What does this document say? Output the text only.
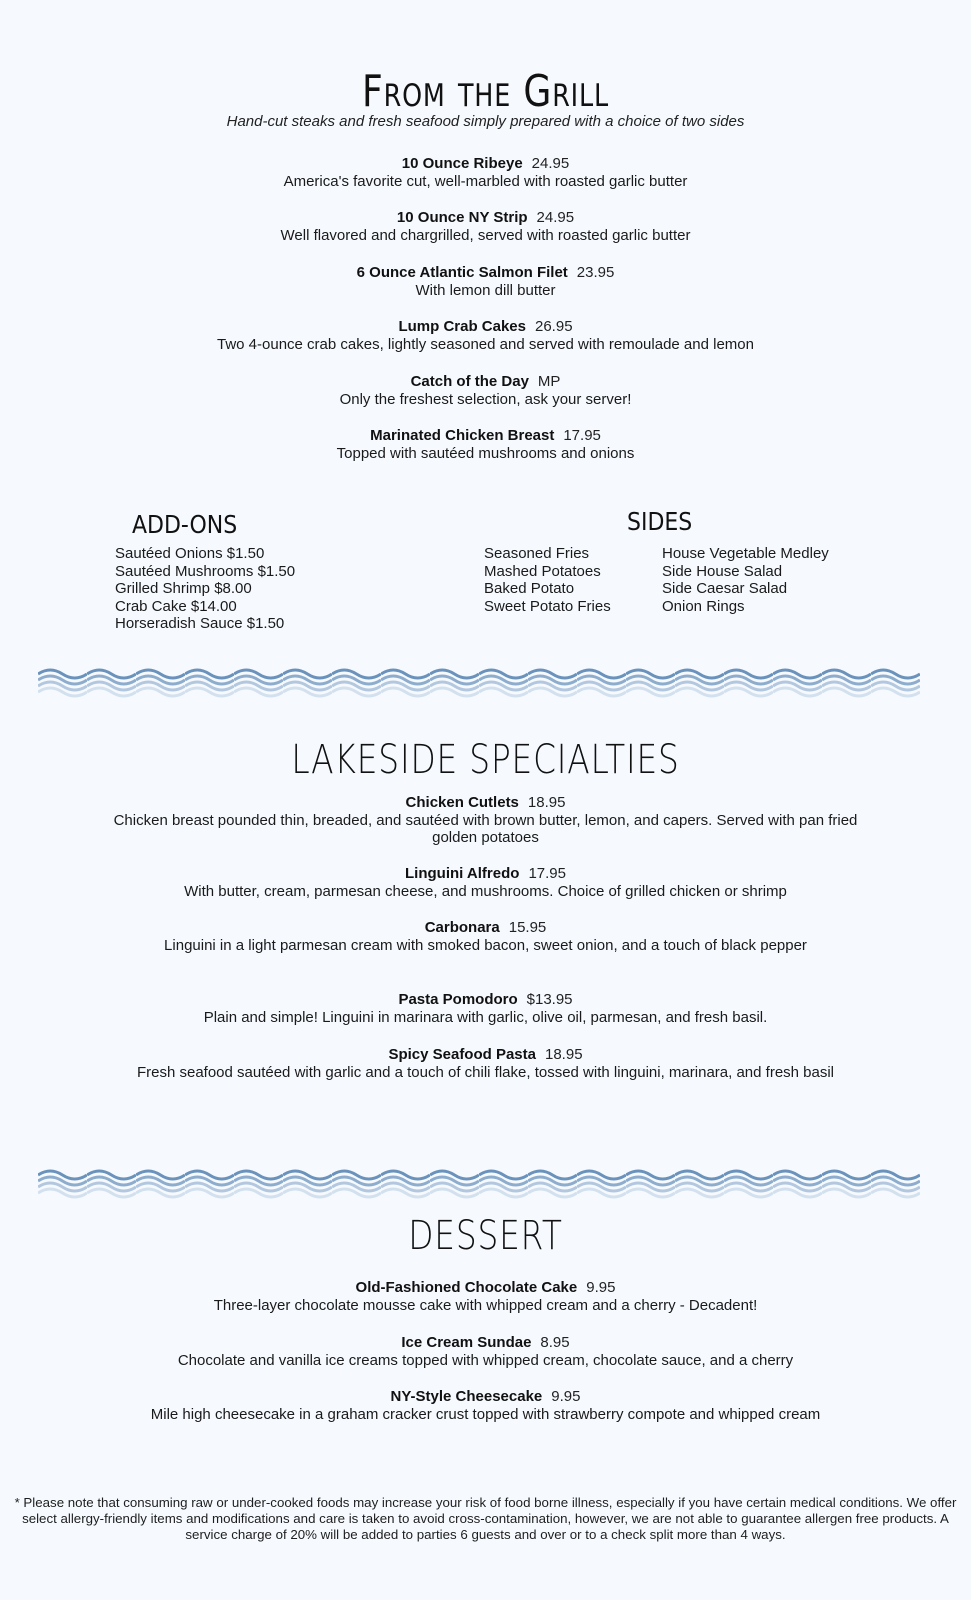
From the Grill
Hand-cut steaks and fresh seafood simply prepared with a choice of two sides
10 Ounce Ribeye 24.95
America's favorite cut, well-marbled with roasted garlic butter
10 Ounce NY Strip 24.95
Well flavored and chargrilled, served with roasted garlic butter
6 Ounce Atlantic Salmon Filet 23.95
With lemon dill butter
Lump Crab Cakes 26.95
Two 4-ounce crab cakes, lightly seasoned and served with remoulade and lemon
Catch of the Day MP
Only the freshest selection, ask your server!
Marinated Chicken Breast 17.95
Topped with sautéed mushrooms and onions
ADD-ONS
Sautéed Onions $1.50
Sautéed Mushrooms $1.50
Grilled Shrimp $8.00
Crab Cake $14.00
Horseradish Sauce $1.50
SIDES
Seasoned Fries
Mashed Potatoes
Baked Potato
Sweet Potato Fries
House Vegetable Medley
Side House Salad
Side Caesar Salad
Onion Rings
LAKESIDE SPECIALTIES
Chicken Cutlets 18.95
Chicken breast pounded thin, breaded, and sautéed with brown butter, lemon, and capers. Served with pan fried golden potatoes
Linguini Alfredo 17.95
With butter, cream, parmesan cheese, and mushrooms. Choice of grilled chicken or shrimp
Carbonara 15.95
Linguini in a light parmesan cream with smoked bacon, sweet onion, and a touch of black pepper
Pasta Pomodoro $13.95
Plain and simple! Linguini in marinara with garlic, olive oil, parmesan, and fresh basil.
Spicy Seafood Pasta 18.95
Fresh seafood sautéed with garlic and a touch of chili flake, tossed with linguini, marinara, and fresh basil
DESSERT
Old-Fashioned Chocolate Cake 9.95
Three-layer chocolate mousse cake with whipped cream and a cherry - Decadent!
Ice Cream Sundae 8.95
Chocolate and vanilla ice creams topped with whipped cream, chocolate sauce, and a cherry
NY-Style Cheesecake 9.95
Mile high cheesecake in a graham cracker crust topped with strawberry compote and whipped cream
* Please note that consuming raw or under-cooked foods may increase your risk of food borne illness, especially if you have certain medical conditions. We offer select allergy-friendly items and modifications and care is taken to avoid cross-contamination, however, we are not able to guarantee allergen free products. A service charge of 20% will be added to parties 6 guests and over or to a check split more than 4 ways.
